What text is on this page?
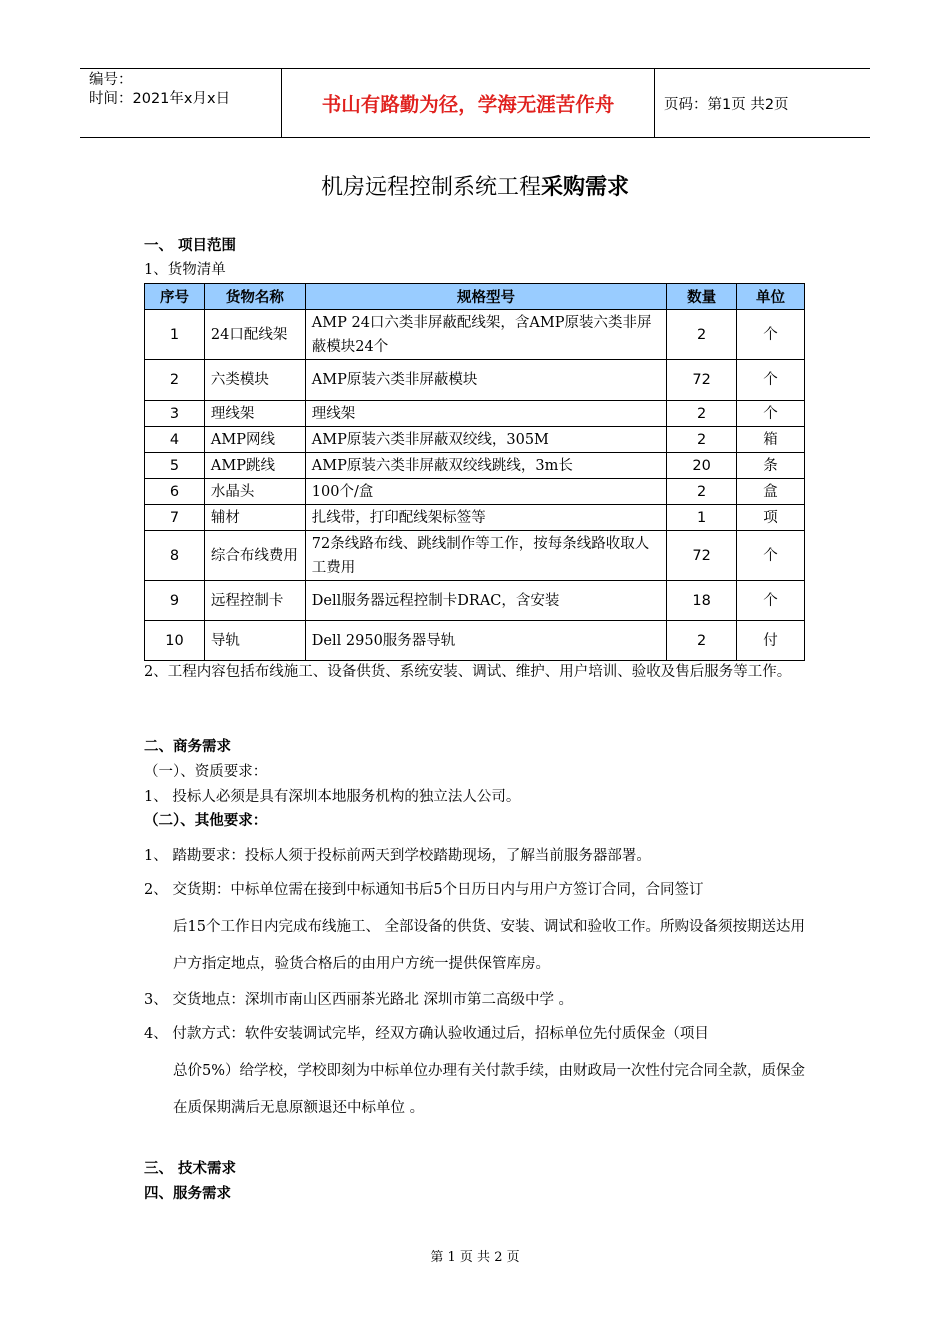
编号：
时间：2021年x月x日	书山有路勤为径，学海无涯苦作舟	页码：第1页 共2页
机房远程控制系统工程采购需求
一、 项目范围
1、货物清单
序号	货物名称	规格型号	数量	单位
1	24口配线架	AMP 24口六类非屏蔽配线架，含AMP原装六类非屏蔽模块24个	2	个
2	六类模块	AMP原装六类非屏蔽模块	72	个
3	理线架	理线架	2	个
4	AMP网线	AMP原装六类非屏蔽双绞线，305M	2	箱
5	AMP跳线	AMP原装六类非屏蔽双绞线跳线，3m长	20	条
6	水晶头	100个/盒	2	盒
7	辅材	扎线带，打印配线架标签等	1	项
8	综合布线费用	72条线路布线、跳线制作等工作，按每条线路收取人工费用	72	个
9	远程控制卡	Dell服务器远程控制卡DRAC，含安装	18	个
10	导轨	Dell 2950服务器导轨	2	付
2、工程内容包括布线施工、设备供货、系统安装、调试、维护、用户培训、验收及售后服务等工作。
二、商务需求
（一）、资质要求：
1、 投标人必须是具有深圳本地服务机构的独立法人公司。
（二）、其他要求：
1、 踏勘要求：投标人须于投标前两天到学校踏勘现场，了解当前服务器部署。
2、 交货期：中标单位需在接到中标通知书后5个日历日内与用户方签订合同，合同签订
后15个工作日内完成布线施工、 全部设备的供货、安装、调试和验收工作。所购设备须按期送达用户方指定地点，验货合格后的由用户方统一提供保管库房。
3、 交货地点：深圳市南山区西丽茶光路北 深圳市第二高级中学 。
4、 付款方式：软件安装调试完毕，经双方确认验收通过后，招标单位先付质保金（项目
总价5%）给学校，学校即刻为中标单位办理有关付款手续，由财政局一次性付完合同全款，质保金在质保期满后无息原额退还中标单位 。
三、 技术需求
四、服务需求
第 1 页 共 2 页
